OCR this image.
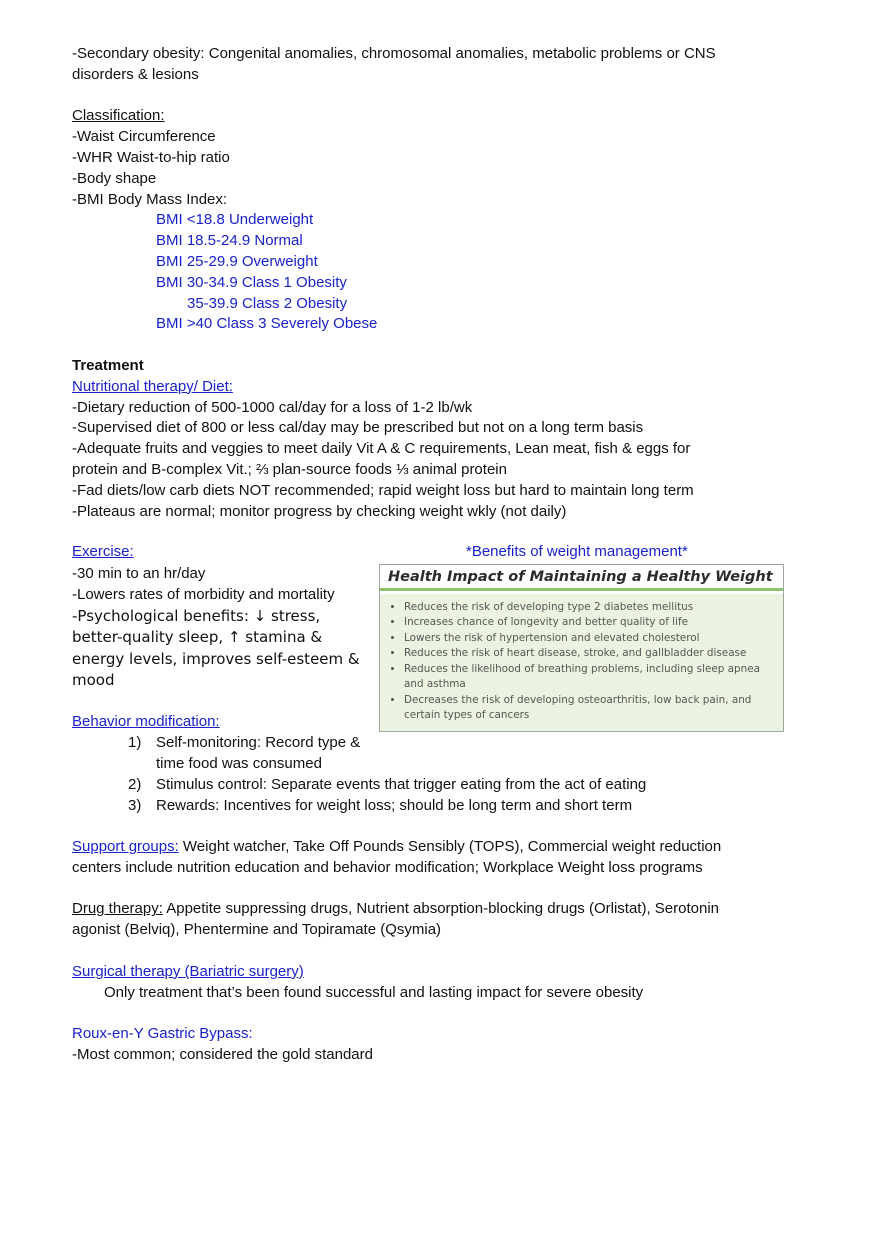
-Secondary obesity: Congenital anomalies, chromosomal anomalies, metabolic problems or CNS

disorders & lesions

Classification:

-Waist Circumference

-WHR Waist-to-hip ratio

-Body shape

-BMI Body Mass Index:

BMI <18.8 Underweight

BMI 18.5-24.9 Normal

BMI 25-29.9 Overweight

BMI 30-34.9 Class 1 Obesity

35-39.9 Class 2 Obesity

BMI >40 Class 3 Severely Obese

Treatment

Nutritional therapy/ Diet:

-Dietary reduction of 500-1000 cal/day for a loss of 1-2 lb/wk

-Supervised diet of 800 or less cal/day may be prescribed but not on a long term basis

-Adequate fruits and veggies to meet daily Vit A & C requirements, Lean meat, fish & eggs for

protein and B-complex Vit.; ⅔ plan-source foods ⅓ animal protein

-Fad diets/low carb diets NOT recommended; rapid weight loss but hard to maintain long term

-Plateaus are normal; monitor progress by checking weight wkly (not daily)

Exercise:	*Benefits of weight management*
Health Impact of Maintaining a Healthy Weight
• Reduces the risk of developing type 2 diabetes mellitus
• Increases chance of longevity and better quality of life
• Lowers the risk of hypertension and elevated cholesterol
• Reduces the risk of heart disease, stroke, and gallbladder disease
• Reduces the likelihood of breathing problems, including sleep apnea and asthma
• Decreases the risk of developing osteoarthritis, low back pain, and certain types of cancers

-30 min to an hr/day

-Lowers rates of morbidity and mortality

-Psychological benefits: ↓ stress,

better-quality sleep, ↑ stamina &

energy levels, improves self-esteem &

mood

Behavior modification:

1) Self-monitoring: Record type &
time food was consumed
2) Stimulus control: Separate events that trigger eating from the act of eating
3) Rewards: Incentives for weight loss; should be long term and short term

Support groups: Weight watcher, Take Off Pounds Sensibly (TOPS), Commercial weight reduction

centers include nutrition education and behavior modification; Workplace Weight loss programs

Drug therapy: Appetite suppressing drugs, Nutrient absorption-blocking drugs (Orlistat), Serotonin

agonist (Belviq), Phentermine and Topiramate (Qsymia)

Surgical therapy (Bariatric surgery)

Only treatment that’s been found successful and lasting impact for severe obesity

Roux-en-Y Gastric Bypass:

-Most common; considered the gold standard
